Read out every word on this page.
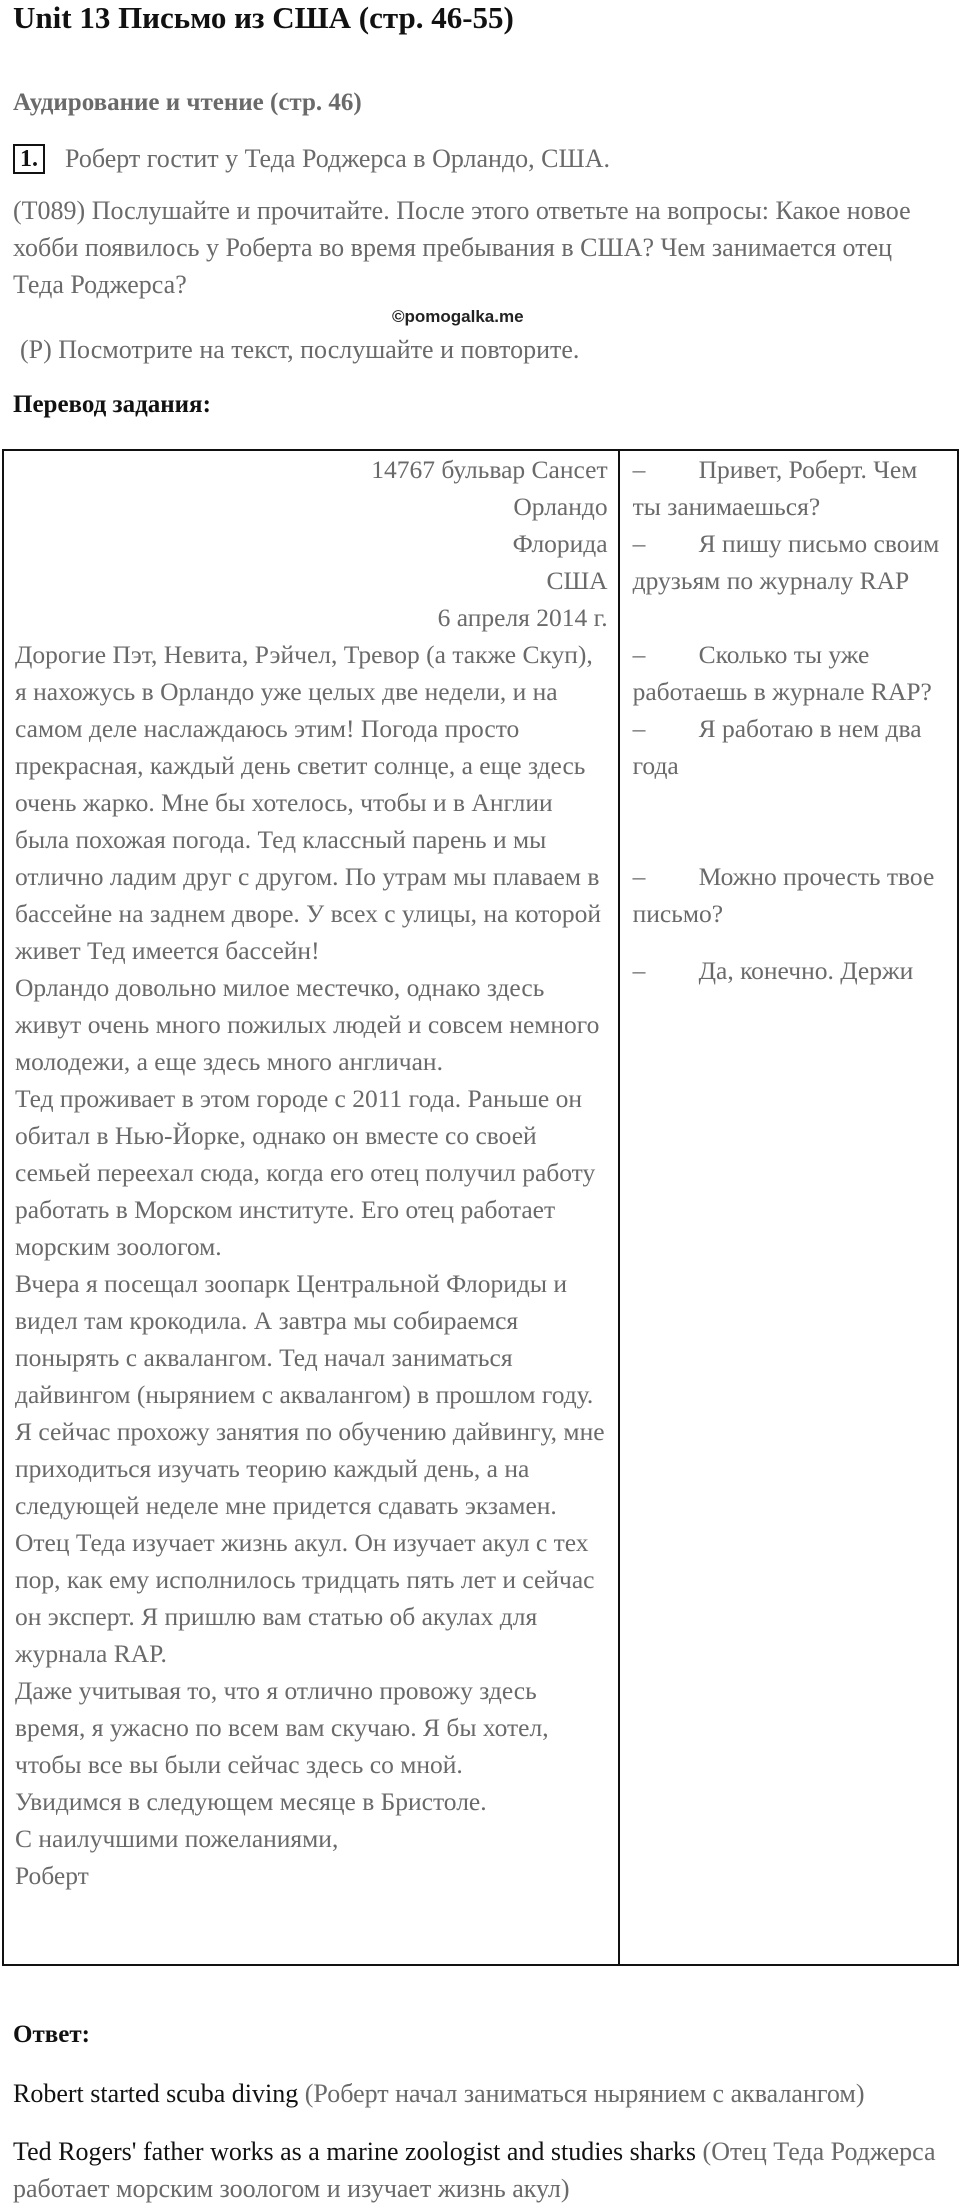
Unit 13 Письмо из США (стр. 46-55)
Аудирование и чтение (стр. 46)
1. Роберт гостит у Теда Роджерса в Орландо, США.
(T089) Послушайте и прочитайте. После этого ответьте на вопросы: Какое новое хобби появилось у Роберта во время пребывания в США? Чем занимается отец Теда Роджерса?
(P) Посмотрите на текст, послушайте и повторите.
Перевод задания:
©pomogalka.me
14767 бульвар Сансет
Орландо
Флорида
США
6 апреля 2014 г.
Дорогие Пэт, Невита, Рэйчел, Тревор (а также Скуп), я нахожусь в Орландо уже целых две недели, и на самом деле наслаждаюсь этим! Погода просто прекрасная, каждый день светит солнце, а еще здесь очень жарко. Мне бы хотелось, чтобы и в Англии была похожая погода. Тед классный парень и мы отлично ладим друг с другом. По утрам мы плаваем в бассейне на заднем дворе. У всех с улицы, на которой живет Тед имеется бассейн!
Орландо довольно милое местечко, однако здесь живут очень много пожилых людей и совсем немного молодежи, а еще здесь много англичан.
Тед проживает в этом городе с 2011 года. Раньше он обитал в Нью-Йорке, однако он вместе со своей семьей переехал сюда, когда его отец получил работу работать в Морском институте. Его отец работает морским зоологом.
Вчера я посещал зоопарк Центральной Флориды и видел там крокодила. А завтра мы собираемся понырять с аквалангом. Тед начал заниматься дайвингом (нырянием с аквалангом) в прошлом году. Я сейчас прохожу занятия по обучению дайвингу, мне приходиться изучать теорию каждый день, а на следующей неделе мне придется сдавать экзамен. Отец Теда изучает жизнь акул. Он изучает акул с тех пор, как ему исполнилось тридцать пять лет и сейчас он эксперт. Я пришлю вам статью об акулах для журнала RAP.
Даже учитывая то, что я отлично провожу здесь время, я ужасно по всем вам скучаю. Я бы хотел, чтобы все вы были сейчас здесь со мной.
Увидимся в следующем месяце в Бристоле.
С наилучшими пожеланиями,
Роберт

– Привет, Роберт. Чем ты занимаешься?

– Я пишу письмо своим друзьям по журналу RAP

– Сколько ты уже работаешь в журнале RAP?

– Я работаю в нем два года

– Можно прочесть твое письмо?

– Да, конечно. Держи

Ответ:
Robert started scuba diving (Роберт начал заниматься нырянием с аквалангом)
Ted Rogers' father works as a marine zoologist and studies sharks (Отец Теда Роджерса работает морским зоологом и изучает жизнь акул)
